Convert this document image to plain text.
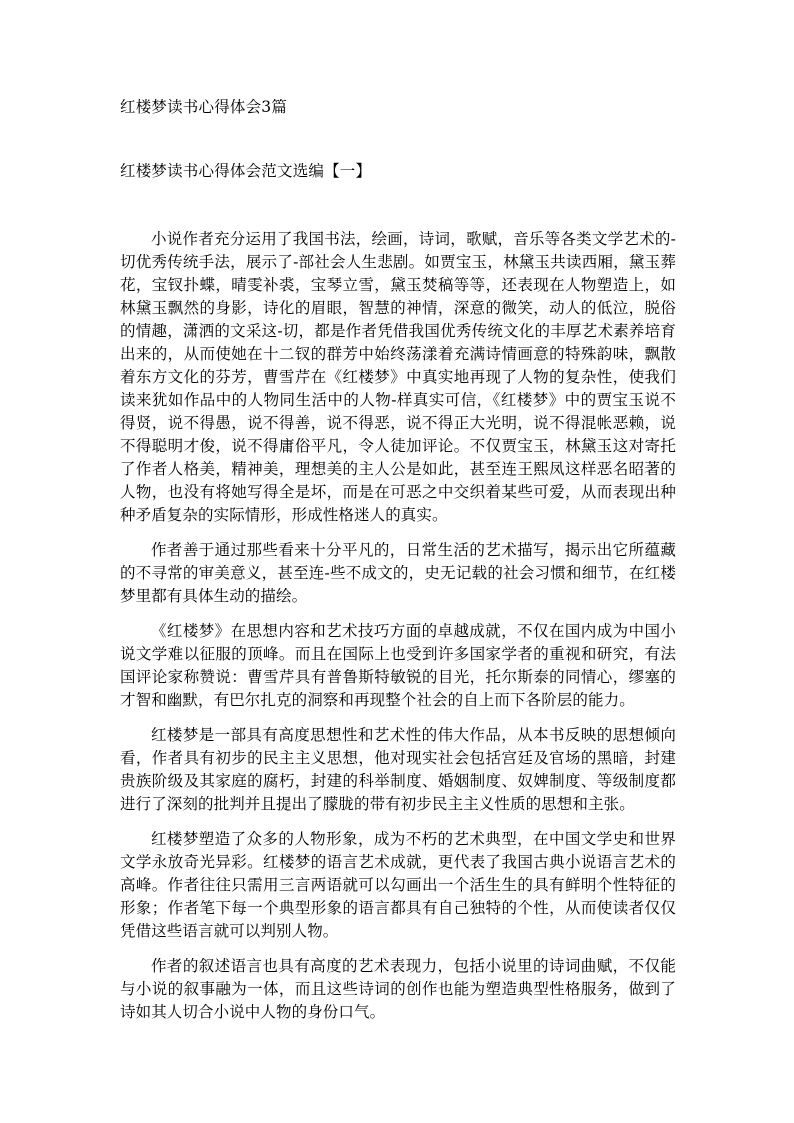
红楼梦读书心得体会3篇
红楼梦读书心得体会范文选编【一】

小说作者充分运用了我国书法，绘画，诗词，歌赋，音乐等各类文学艺术的-切优秀传统手法，展示了-部社会人生悲剧。如贾宝玉，林黛玉共读西厢，黛玉葬花，宝钗扑蝶，晴雯补裘，宝琴立雪，黛玉焚稿等等，还表现在人物塑造上，如林黛玉飘然的身影，诗化的眉眼，智慧的神情，深意的微笑，动人的低泣，脱俗的情趣，潇洒的文采这-切，都是作者凭借我国优秀传统文化的丰厚艺术素养培育出来的，从而使她在十二钗的群芳中始终荡漾着充满诗情画意的特殊韵味，飘散着东方文化的芬芳，曹雪芹在《红楼梦》中真实地再现了人物的复杂性，使我们读来犹如作品中的人物同生活中的人物-样真实可信，《红楼梦》中的贾宝玉说不得贤，说不得愚，说不得善，说不得恶，说不得正大光明，说不得混帐恶赖，说不得聪明才俊，说不得庸俗平凡，令人徒加评论。不仅贾宝玉，林黛玉这对寄托了作者人格美，精神美，理想美的主人公是如此，甚至连王熙凤这样恶名昭著的人物，也没有将她写得全是坏，而是在可恶之中交织着某些可爱，从而表现出种种矛盾复杂的实际情形，形成性格迷人的真实。

作者善于通过那些看来十分平凡的，日常生活的艺术描写，揭示出它所蕴藏的不寻常的审美意义，甚至连-些不成文的，史无记载的社会习惯和细节，在红楼梦里都有具体生动的描绘。

《红楼梦》在思想内容和艺术技巧方面的卓越成就，不仅在国内成为中国小说文学难以征服的顶峰。而且在国际上也受到许多国家学者的重视和研究，有法国评论家称赞说：曹雪芹具有普鲁斯特敏锐的目光，托尔斯泰的同情心，缪塞的才智和幽默，有巴尔扎克的洞察和再现整个社会的自上而下各阶层的能力。

红楼梦是一部具有高度思想性和艺术性的伟大作品，从本书反映的思想倾向看，作者具有初步的民主主义思想，他对现实社会包括宫廷及官场的黑暗，封建贵族阶级及其家庭的腐朽，封建的科举制度、婚姻制度、奴婢制度、等级制度都进行了深刻的批判并且提出了朦胧的带有初步民主主义性质的思想和主张。

红楼梦塑造了众多的人物形象，成为不朽的艺术典型，在中国文学史和世界文学永放奇光异彩。红楼梦的语言艺术成就，更代表了我国古典小说语言艺术的高峰。作者往往只需用三言两语就可以勾画出一个活生生的具有鲜明个性特征的形象；作者笔下每一个典型形象的语言都具有自己独特的个性，从而使读者仅仅凭借这些语言就可以判别人物。

作者的叙述语言也具有高度的艺术表现力，包括小说里的诗词曲赋，不仅能与小说的叙事融为一体，而且这些诗词的创作也能为塑造典型性格服务，做到了诗如其人切合小说中人物的身份口气。
